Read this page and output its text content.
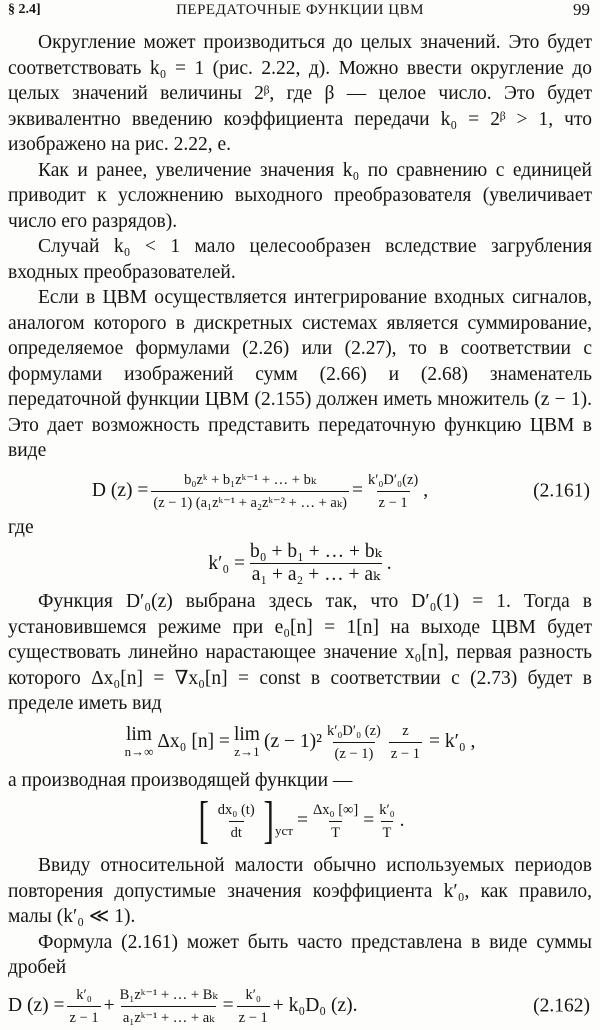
§ 2.4]	ПЕРЕДАТОЧНЫЕ ФУНКЦИИ ЦВМ	99

Округление может производиться до целых значений. Это будет соответствовать k₀ = 1 (рис. 2.22, д). Можно ввести округление до целых значений величины 2ᵝ, где β — целое число. Это будет эквивалентно введению коэффициента передачи k₀ = 2ᵝ > 1, что изображено на рис. 2.22, е.

Как и ранее, увеличение значения k₀ по сравнению с единицей приводит к усложнению выходного преобразователя (увеличивает число его разрядов).

Случай k₀ < 1 мало целесообразен вследствие загрубления входных преобразователей.

Если в ЦВМ осуществляется интегрирование входных сигналов, аналогом которого в дискретных системах является суммирование, определяемое формулами (2.26) или (2.27), то в соответствии с формулами изображений сумм (2.66) и (2.68) знаменатель передаточной функции ЦВМ (2.155) должен иметь множитель (z − 1). Это дает возможность представить передаточную функцию ЦВМ в виде

D $(z) = \frac{\text{b₀zᵏ + b₁zᵏ⁻¹ + … + bₖ}}{\text{(z − 1) (a₁zᵏ⁻¹ + a₂zᵏ⁻² + … + aₖ)}} = \frac{\text{k′₀D′₀(z)}}{z - 1}$ ,	(2.161)

где

$k'_0 = \frac{\text{b₀ + b₁ + … + bₖ}}{\text{a₁ + a₂ + … + aₖ}}$ .

Функция D′₀(z) выбрана здесь так, что D′₀(1) = 1. Тогда в установившемся режиме при e₀[n] = 1[n] на выходе ЦВМ будет существовать линейно нарастающее значение x₀[n], первая разность которого Δx₀[n] = ∇x₀[n] = const в соответствии с (2.73) будет в пределе иметь вид

lim
n→∞ Δx₀ [n] = lim
z→1 $(z - 1)^2 \frac{\text{k′₀D′₀ (z)}}{(z - 1)} \frac{z}{z - 1} = k'_0$ ,

а производная производящей функции —

[ $\frac{\text{dx₀ (t)}}{dt}$ ] уст = $\frac{\text{Δx₀ [∞]}}{T} = \frac{\text{k′₀}}{T}$ .

Ввиду относительной малости обычно используемых периодов повторения допустимые значения коэффициента k′₀, как правило, малы (k′₀ ≪ 1).

Формула (2.161) может быть часто представлена в виде суммы дробей

D $(z) = \frac{\text{k′₀}}{z - 1} + \frac{\text{B₁zᵏ⁻¹ + … + Bₖ}}{\text{a₁zᵏ⁻¹ + … + aₖ}} = \frac{\text{k′₀}}{z - 1} + k_0D_0$ (z).	(2.162)
